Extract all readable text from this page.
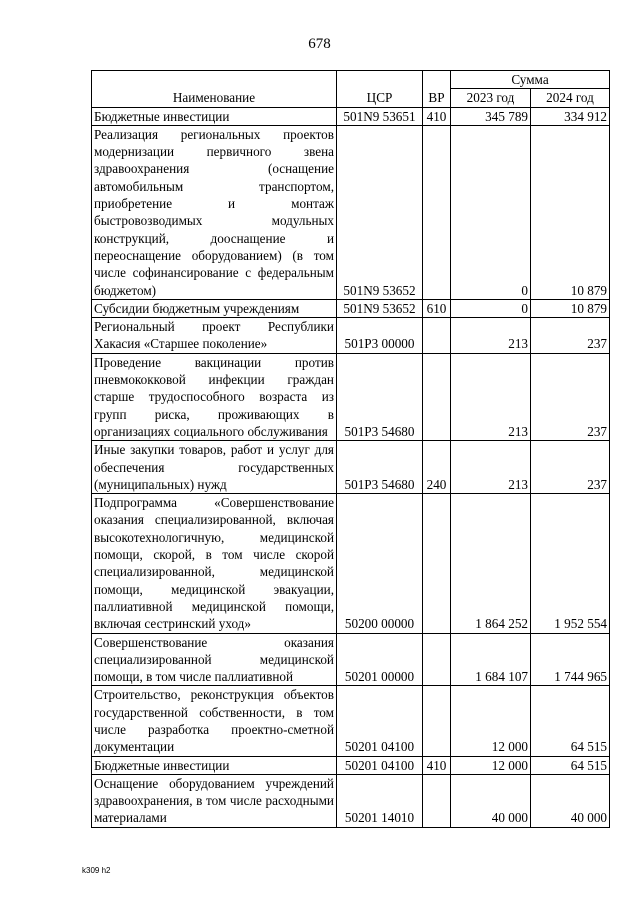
678
Наименование	ЦСР	ВР	Сумма	
			2023 год	2024 год
Бюджетные инвестиции	501N9 53651	410	345 789	334 912
Реализация региональных проектов модернизации первичного звена здравоохранения (оснащение автомобильным транспортом, приобретение и монтаж быстровозводимых модульных конструкций, дооснащение и переоснащение оборудованием) (в том числе софинансирование с федеральным бюджетом)	501N9 53652		0	10 879
Субсидии бюджетным учреждениям	501N9 53652	610	0	10 879
Региональный проект Республики Хакасия «Старшее поколение»	501P3 00000		213	237
Проведение вакцинации против пневмококковой инфекции граждан старше трудоспособного возраста из групп риска, проживающих в организациях социального обслуживания	501P3 54680		213	237
Иные закупки товаров, работ и услуг для обеспечения государственных (муниципальных) нужд	501P3 54680	240	213	237
Подпрограмма «Совершенствование оказания специализированной, включая высокотехнологичную, медицинской помощи, скорой, в том числе скорой специализированной, медицинской помощи, медицинской эвакуации, паллиативной медицинской помощи, включая сестринский уход»	50200 00000		1 864 252	1 952 554
Совершенствование оказания специализированной медицинской помощи, в том числе паллиативной	50201 00000		1 684 107	1 744 965
Строительство, реконструкция объектов государственной собственности, в том числе разработка проектно-сметной документации	50201 04100		12 000	64 515
Бюджетные инвестиции	50201 04100	410	12 000	64 515
Оснащение оборудованием учреждений здравоохранения, в том числе расходными материалами	50201 14010		40 000	40 000
k309 h2
